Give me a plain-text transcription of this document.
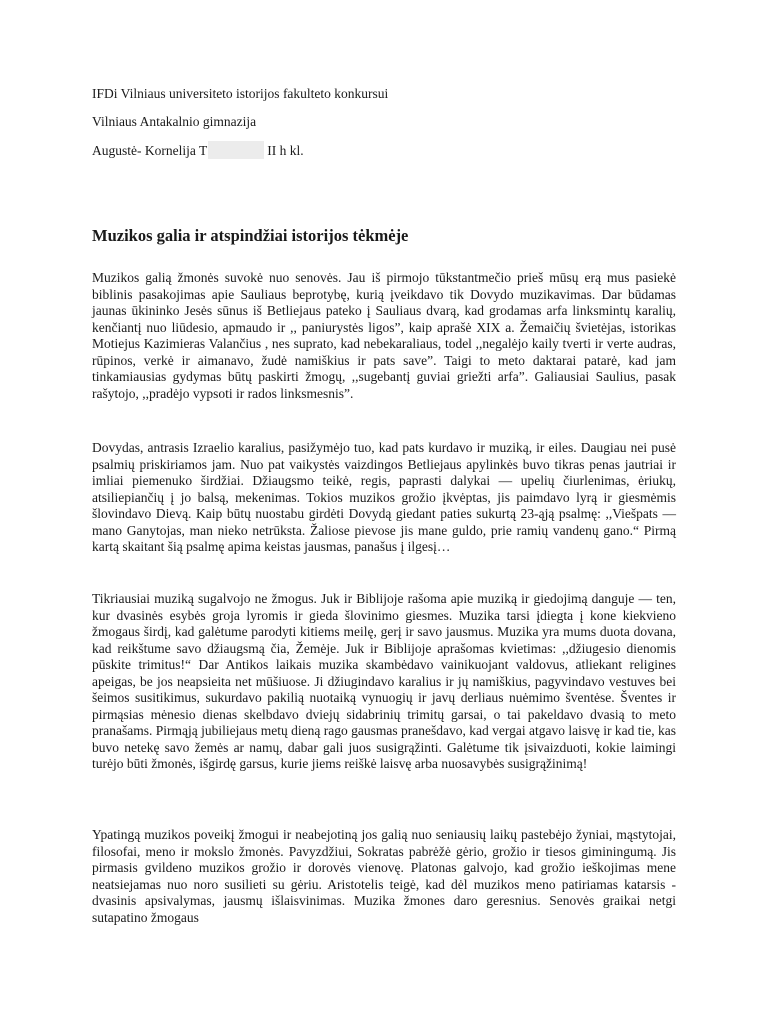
IFDi Vilniaus universiteto istorijos fakulteto konkursui
Vilniaus Antakalnio gimnazija
Augustė- Kornelija T	II h kl.
Muzikos galia ir atspindžiai istorijos tėkmėje

Muzikos galią žmonės suvokė nuo senovės. Jau iš pirmojo tūkstantmečio prieš mūsų erą mus pasiekė biblinis pasakojimas apie Sauliaus beprotybę, kurią įveikdavo tik Dovydo muzikavimas. Dar būdamas jaunas ūkininko Jesės sūnus iš Betliejaus pateko į Sauliaus dvarą, kad grodamas arfa linksmintų karalių, kenčiantį nuo liūdesio, apmaudo ir ,, paniurystės ligos”, kaip aprašė XIX a. Žemaičių švietėjas, istorikas Motiejus Kazimieras Valančius , nes suprato, kad nebekaraliaus, todel ,,negalėjo kaily tverti ir verte audras, rūpinos, verkė ir aimanavo, žudė namiškius ir pats save”. Taigi to meto daktarai patarė, kad jam tinkamiausias gydymas būtų paskirti žmogų, ,,sugebantį guviai griežti arfa”. Galiausiai Saulius, pasak rašytojo, ,,pradėjo vypsoti ir rados linksmesnis”.

Dovydas, antrasis Izraelio karalius, pasižymėjo tuo, kad pats kurdavo ir muziką, ir eiles. Daugiau nei pusė psalmių priskiriamos jam. Nuo pat vaikystės vaizdingos Betliejaus apylinkės buvo tikras penas jautriai ir imliai piemenuko širdžiai. Džiaugsmo teikė, regis, paprasti dalykai — upelių čiurlenimas, ėriukų, atsiliepiančių į jo balsą, mekenimas. Tokios muzikos grožio įkvėptas, jis paimdavo lyrą ir giesmėmis šlovindavo Dievą. Kaip būtų nuostabu girdėti Dovydą giedant paties sukurtą 23-ąją psalmę: ,,Viešpats — mano Ganytojas, man nieko netrūksta. Žaliose pievose jis mane guldo, prie ramių vandenų gano.“ Pirmą kartą skaitant šią psalmę apima keistas jausmas, panašus į ilgesį…

Tikriausiai muziką sugalvojo ne žmogus. Juk ir Biblijoje rašoma apie muziką ir giedojimą danguje — ten, kur dvasinės esybės groja lyromis ir gieda šlovinimo giesmes. Muzika tarsi įdiegta į kone kiekvieno žmogaus širdį, kad galėtume parodyti kitiems meilę, gerį ir savo jausmus. Muzika yra mums duota dovana, kad reikštume savo džiaugsmą čia, Žemėje. Juk ir Biblijoje aprašomas kvietimas: ,,džiugesio dienomis pūskite trimitus!“ Dar Antikos laikais muzika skambėdavo vainikuojant valdovus, atliekant religines apeigas, be jos neapsieita net mūšiuose. Ji džiugindavo karalius ir jų namiškius, pagyvindavo vestuves bei šeimos susitikimus, sukurdavo pakilią nuotaiką vynuogių ir javų derliaus nuėmimo šventėse. Šventes ir pirmąsias mėnesio dienas skelbdavo dviejų sidabrinių trimitų garsai, o tai pakeldavo dvasią to meto pranašams. Pirmąją jubiliejaus metų dieną rago gausmas pranešdavo, kad vergai atgavo laisvę ir kad tie, kas buvo netekę savo žemės ar namų, dabar gali juos susigrąžinti. Galėtume tik įsivaizduoti, kokie laimingi turėjo būti žmonės, išgirdę garsus, kurie jiems reiškė laisvę arba nuosavybės susigrąžinimą!

Ypatingą muzikos poveikį žmogui ir neabejotiną jos galią nuo seniausių laikų pastebėjo žyniai, mąstytojai, filosofai, meno ir mokslo žmonės. Pavyzdžiui, Sokratas pabrėžė gėrio, grožio ir tiesos giminingumą. Jis pirmasis gvildeno muzikos grožio ir dorovės vienovę. Platonas galvojo, kad grožio ieškojimas mene neatsiejamas nuo noro susilieti su gėriu. Aristotelis teigė, kad dėl muzikos meno patiriamas katarsis - dvasinis apsivalymas, jausmų išlaisvinimas. Muzika žmones daro geresnius. Senovės graikai netgi sutapatino žmogaus
